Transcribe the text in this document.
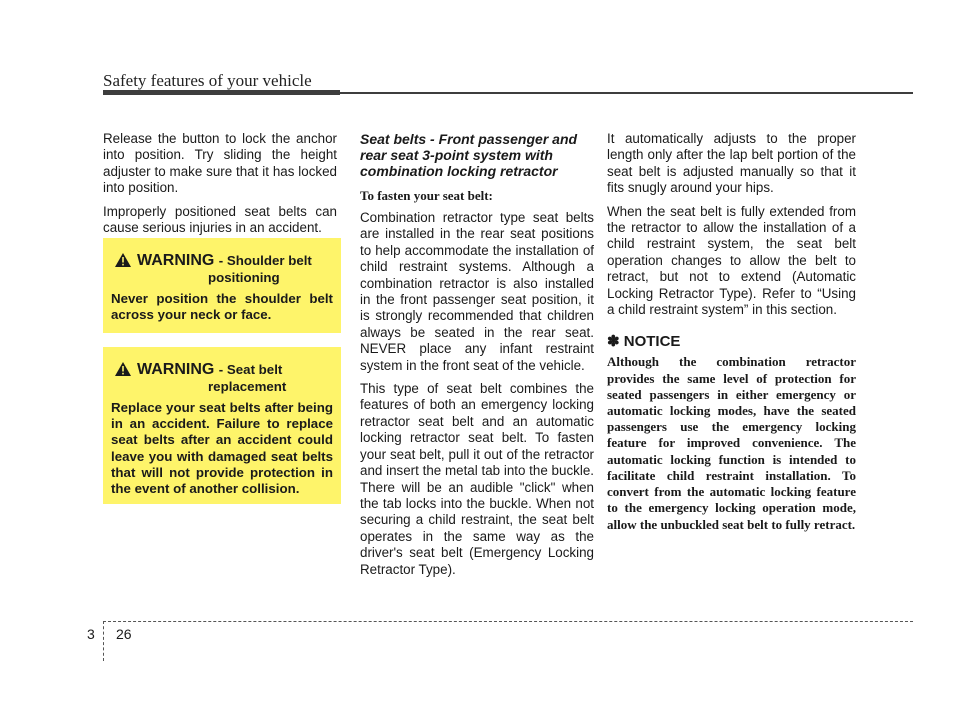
Safety features of your vehicle

Release the button to lock the anchor into position. Try sliding the height adjuster to make sure that it has locked into position.

Improperly positioned seat belts can cause serious injuries in an accident.

WARNING - Shoulder belt
positioning
Never position the shoulder belt across your neck or face.
WARNING - Seat belt
replacement
Replace your seat belts after being in an accident. Failure to replace seat belts after an accident could leave you with damaged seat belts that will not provide protection in the event of another collision.
Seat belts - Front passenger and rear seat 3-point system with combination locking retractor
To fasten your seat belt:

Combination retractor type seat belts are installed in the rear seat positions to help accommodate the installation of child restraint systems. Although a combination retractor is also installed in the front passenger seat position, it is strongly recommended that children always be seated in the rear seat. NEVER place any infant restraint system in the front seat of the vehicle.

This type of seat belt combines the features of both an emergency locking retractor seat belt and an automatic locking retractor seat belt. To fasten your seat belt, pull it out of the retractor and insert the metal tab into the buckle. There will be an audible "click" when the tab locks into the buckle. When not securing a child restraint, the seat belt operates in the same way as the driver's seat belt (Emergency Locking Retractor Type).

It automatically adjusts to the proper length only after the lap belt portion of the seat belt is adjusted manually so that it fits snugly around your hips.

When the seat belt is fully extended from the retractor to allow the installation of a child restraint system, the seat belt operation changes to allow the belt to retract, but not to extend (Automatic Locking Retractor Type). Refer to “Using a child restraint system” in this section.

✽ NOTICE
Although the combination retractor provides the same level of protection for seated passengers in either emergency or automatic locking modes, have the seated passengers use the emergency locking feature for improved convenience. The automatic locking function is intended to facilitate child restraint installation. To convert from the automatic locking feature to the emergency locking operation mode, allow the unbuckled seat belt to fully retract.
3 26
